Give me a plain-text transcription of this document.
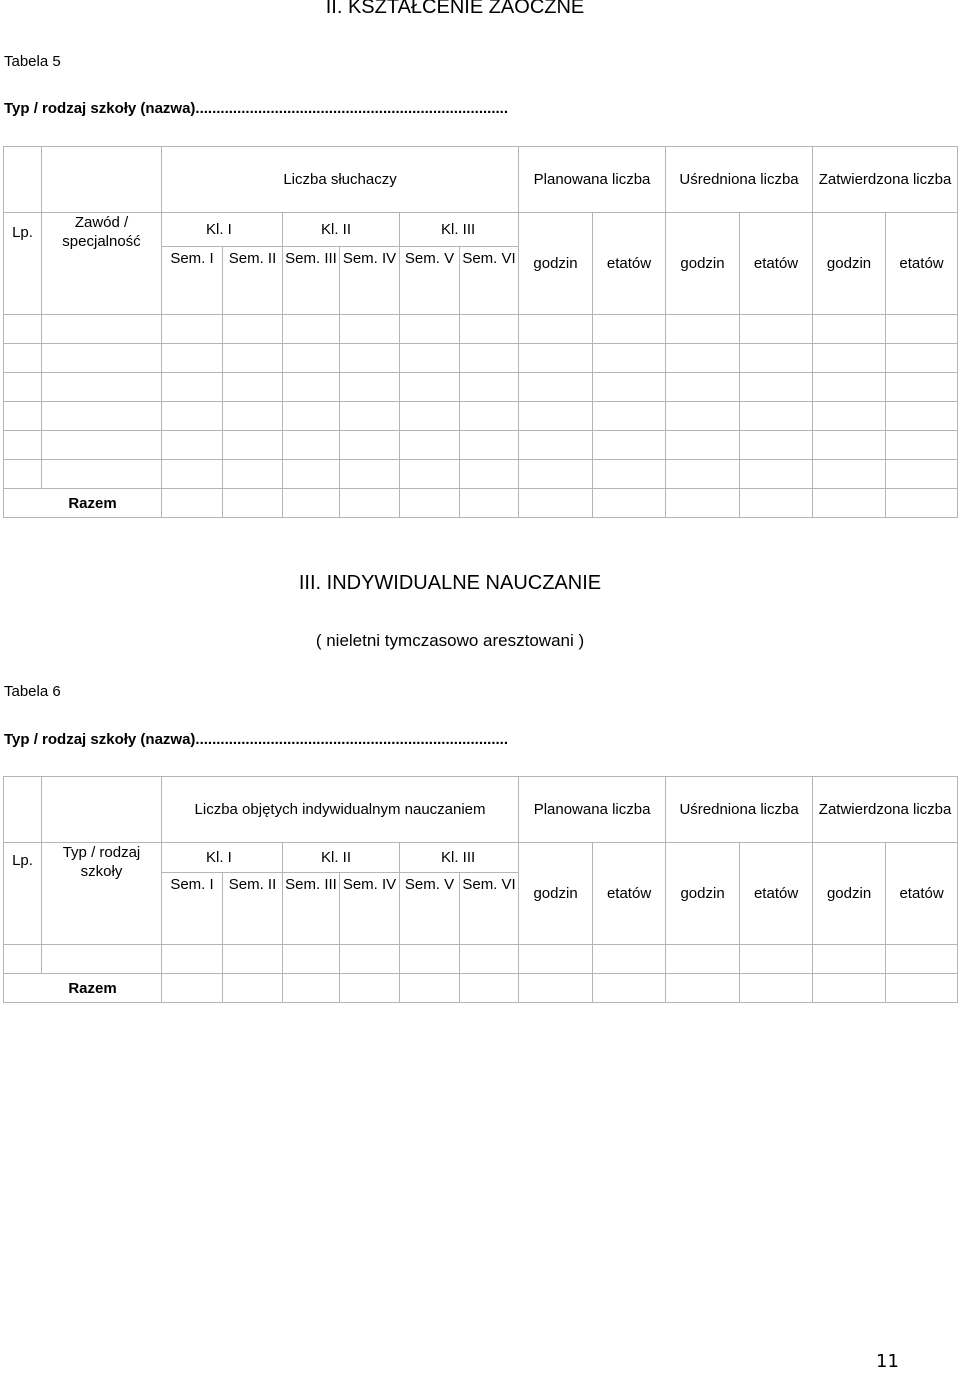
II. KSZTAŁCENIE ZAOCZNE
Tabela 5
Typ / rodzaj szkoły (nazwa)...........................................................................
		Liczba słuchaczy						Planowana liczba		Uśredniona liczba		Zatwierdzona liczba	
Lp.	Zawód / specjalność	Kl. I		Kl. II		Kl. III		godzin	etatów	godzin	etatów	godzin	etatów
		Sem. I	Sem. II	Sem. III	Sem. IV	Sem. V	Sem. VI						

Razem													
III. INDYWIDUALNE NAUCZANIE
( nieletni tymczasowo aresztowani )
Tabela 6
Typ / rodzaj szkoły (nazwa)...........................................................................
		Liczba objętych indywidualnym nauczaniem						Planowana liczba		Uśredniona liczba		Zatwierdzona liczba	
Lp.	Typ / rodzaj szkoły	Kl. I		Kl. II		Kl. III		godzin	etatów	godzin	etatów	godzin	etatów
		Sem. I	Sem. II	Sem. III	Sem. IV	Sem. V	Sem. VI						

Razem													
11
